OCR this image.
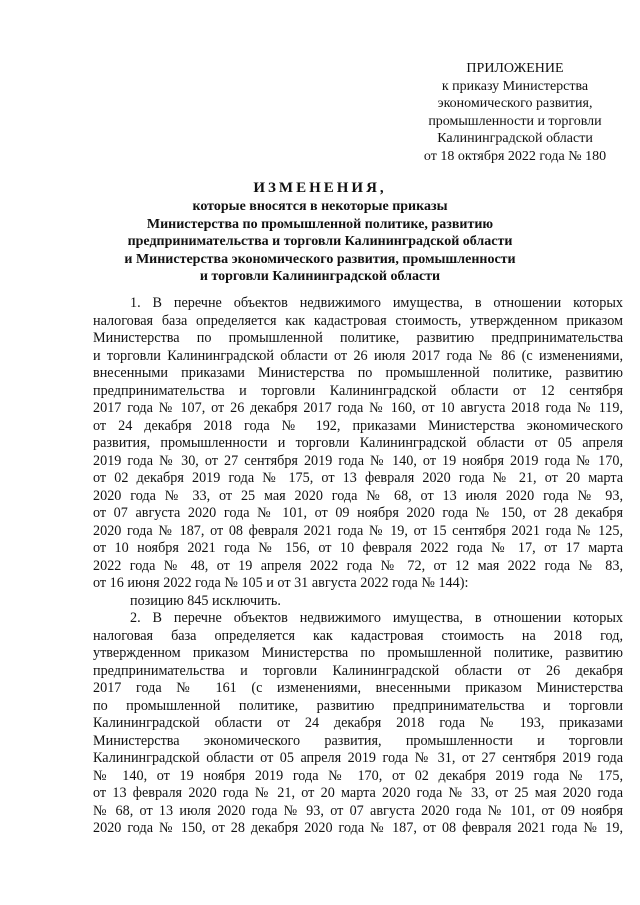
ПРИЛОЖЕНИЕ
к приказу Министерства
экономического развития,
промышленности и торговли
Калининградской области
от 18 октября 2022 года № 180
ИЗМЕНЕНИЯ,
которые вносятся в некоторые приказы
Министерства по промышленной политике, развитию
предпринимательства и торговли Калининградской области
и Министерства экономического развития, промышленности
и торговли Калининградской области
1. В перечне объектов недвижимого имущества, в отношении которых
налоговая база определяется как кадастровая стоимость, утвержденном приказом
Министерства по промышленной политике, развитию предпринимательства
и торговли Калининградской области от 26 июля 2017 года № 86 (с изменениями,
внесенными приказами Министерства по промышленной политике, развитию
предпринимательства и торговли Калининградской области от 12 сентября
2017 года № 107, от 26 декабря 2017 года № 160, от 10 августа 2018 года № 119,
от 24 декабря 2018 года № 192, приказами Министерства экономического
развития, промышленности и торговли Калининградской области от 05 апреля
2019 года № 30, от 27 сентября 2019 года № 140, от 19 ноября 2019 года № 170,
от 02 декабря 2019 года № 175, от 13 февраля 2020 года № 21, от 20 марта
2020 года № 33, от 25 мая 2020 года № 68, от 13 июля 2020 года № 93,
от 07 августа 2020 года № 101, от 09 ноября 2020 года № 150, от 28 декабря
2020 года № 187, от 08 февраля 2021 года № 19, от 15 сентября 2021 года № 125,
от 10 ноября 2021 года № 156, от 10 февраля 2022 года № 17, от 17 марта
2022 года № 48, от 19 апреля 2022 года № 72, от 12 мая 2022 года № 83,
от 16 июня 2022 года № 105 и от 31 августа 2022 года № 144):
позицию 845 исключить.
2. В перечне объектов недвижимого имущества, в отношении которых
налоговая база определяется как кадастровая стоимость на 2018 год,
утвержденном приказом Министерства по промышленной политике, развитию
предпринимательства и торговли Калининградской области от 26 декабря
2017 года № 161 (с изменениями, внесенными приказом Министерства
по промышленной политике, развитию предпринимательства и торговли
Калининградской области от 24 декабря 2018 года № 193, приказами
Министерства экономического развития, промышленности и торговли
Калининградской области от 05 апреля 2019 года № 31, от 27 сентября 2019 года
№ 140, от 19 ноября 2019 года № 170, от 02 декабря 2019 года № 175,
от 13 февраля 2020 года № 21, от 20 марта 2020 года № 33, от 25 мая 2020 года
№ 68, от 13 июля 2020 года № 93, от 07 августа 2020 года № 101, от 09 ноября
2020 года № 150, от 28 декабря 2020 года № 187, от 08 февраля 2021 года № 19,
